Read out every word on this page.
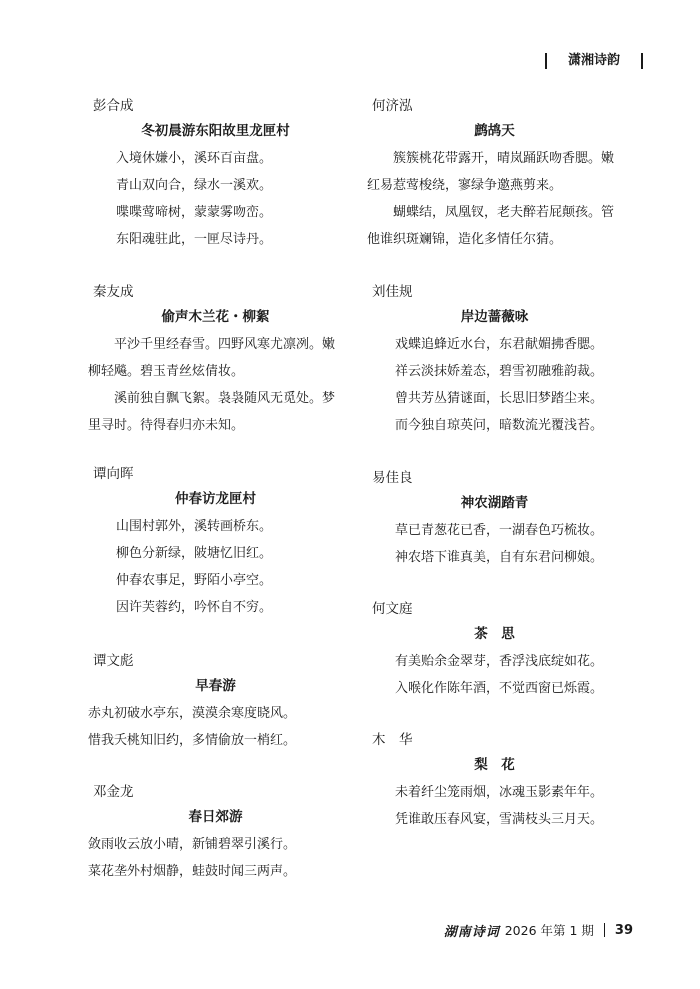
潇湘诗韵
彭合成
冬初晨游东阳故里龙匣村
入境休嫌小，溪环百亩盘。
青山双向合，绿水一溪欢。
喋喋莺啼树，蒙蒙雾吻峦。
东阳魂驻此，一匣尽诗丹。
秦友成
偷声木兰花・柳絮
平沙千里经春雪。四野风寒尤凛冽。嫩
柳轻飚。碧玉青丝炫倩妆。
溪前独自飘飞絮。袅袅随风无觅处。梦
里寻时。待得春归亦未知。
谭向晖
仲春访龙匣村
山围村郭外，溪转画桥东。
柳色分新绿，陂塘忆旧红。
仲春农事足，野陌小亭空。
因许芙蓉约，吟怀自不穷。
谭文彪
早春游
赤丸初破水亭东，漠漠余寒度晓风。
惜我夭桃知旧约，多情偷放一梢红。
邓金龙
春日郊游
敛雨收云放小晴，新铺碧翠引溪行。
菜花垄外村烟静，蛙鼓时闻三两声。
何济泓
鹧鸪天
簇簇桃花带露开，晴岚踊跃吻香腮。嫩
红易惹莺梭绕，寥绿争邀燕剪来。
蝴蝶结，凤凰钗，老夫醉若屁颠孩。管
他谁织斑斓锦，造化多情任尔猜。
刘佳规
岸边蔷薇咏
戏蝶追蜂近水台，东君献媚拂香腮。
祥云淡抹娇羞态，碧雪初融雅韵裁。
曾共芳丛猜谜面，长思旧梦踏尘来。
而今独自琼英问，暗数流光覆浅苔。
易佳良
神农湖踏青
草已青葱花已香，一湖春色巧梳妆。
神农塔下谁真美，自有东君问柳娘。
何文庭
茶　思
有美贻余金翠芽，香浮浅底绽如花。
入喉化作陈年酒，不觉西窗已烁霞。
木　华
梨　花
未着纤尘笼雨烟，冰魂玉影素年年。
凭谁敢压春风宴，雪满枝头三月天。
湖南诗词 2026 年第 1 期 39
